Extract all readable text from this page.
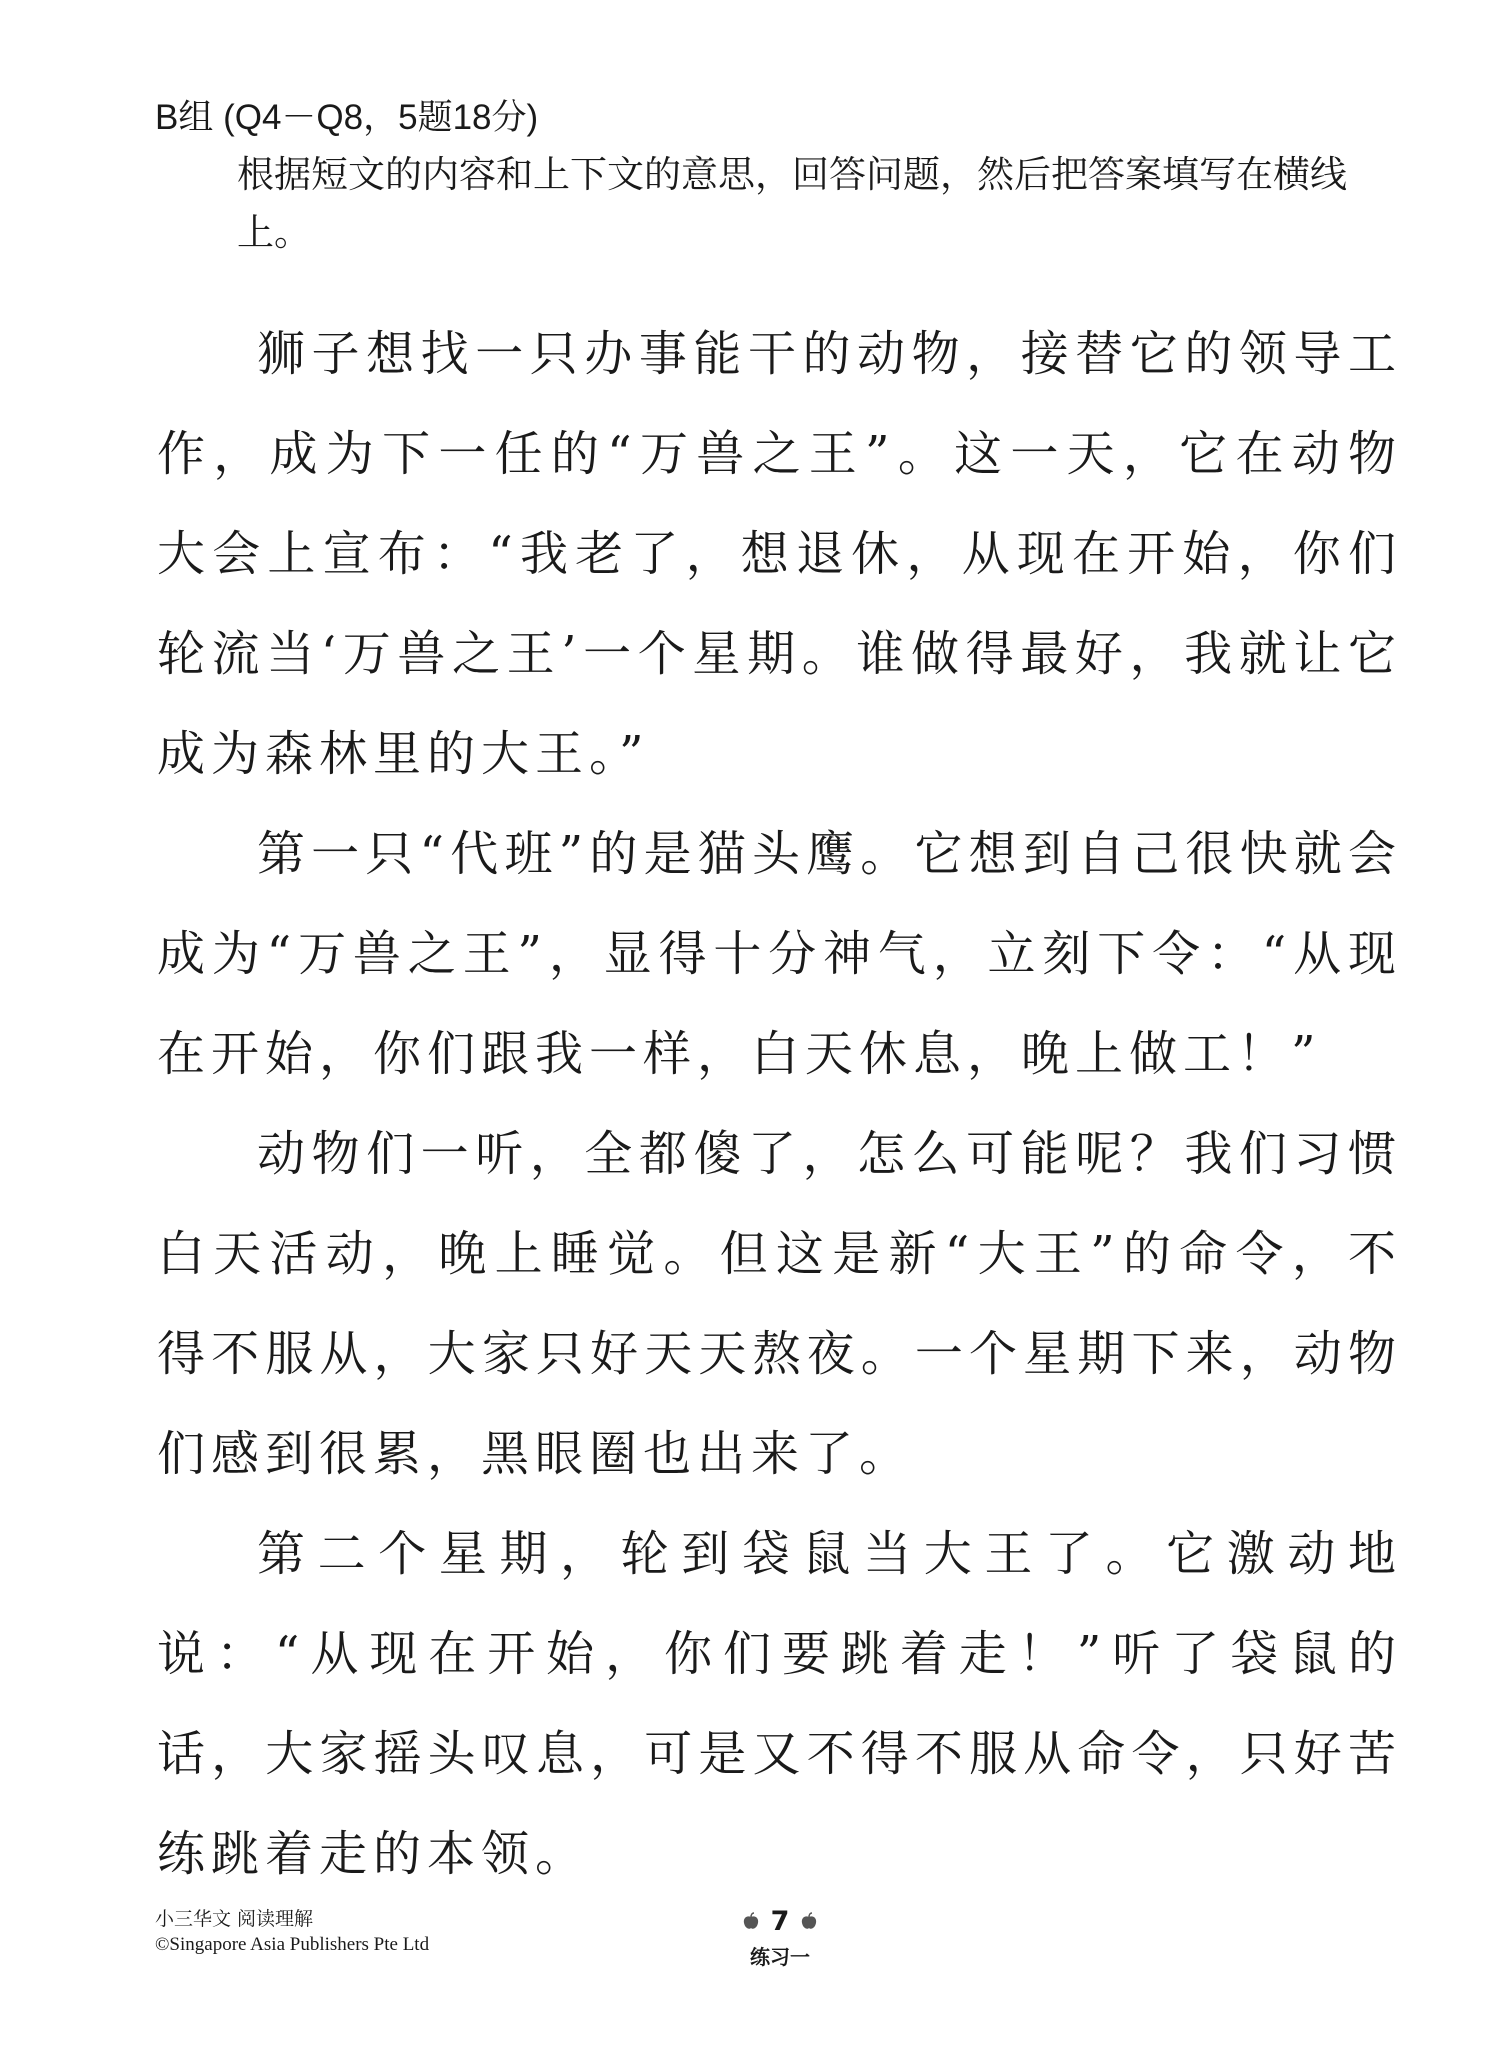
B组 (Q4－Q8，5题18分)
根据短文的内容和上下文的意思，回答问题，然后把答案填写在横线上。

狮子想找一只办事能干的动物，接替它的领导工作，成为下一任的“万兽之王”。这一天，它在动物大会上宣布：“我老了，想退休，从现在开始，你们轮流当‘万兽之王’一个星期。谁做得最好，我就让它成为森林里的大王。”

第一只“代班”的是猫头鹰。它想到自己很快就会成为“万兽之王”，显得十分神气，立刻下令：“从现在开始，你们跟我一样，白天休息，晚上做工！”

动物们一听，全都傻了，怎么可能呢？我们习惯白天活动，晚上睡觉。但这是新“大王”的命令，不得不服从，大家只好天天熬夜。一个星期下来，动物们感到很累，黑眼圈也出来了。

第二个星期，轮到袋鼠当大王了。它激动地说：“从现在开始，你们要跳着走！”听了袋鼠的话，大家摇头叹息，可是又不得不服从命令，只好苦练跳着走的本领。

小三华文 阅读理解
©Singapore Asia Publishers Pte Ltd
7
练习一
